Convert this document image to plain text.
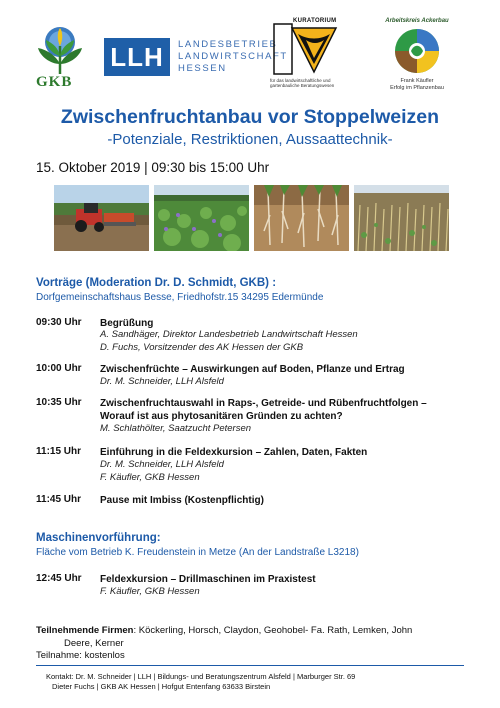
GKB
LLH	LANDESBETRIEB
LANDWIRTSCHAFT
HESSEN
KURATORIUM
für das landwirtschaftliche und gartenbauliche Beratungswesen
Arbeitskreis Ackerbau
Frank Käufler
Erfolg im Pflanzenbau
Zwischenfruchtanbau vor Stoppelweizen
-Potenziale, Restriktionen, Aussaattechnik-
15. Oktober 2019 | 09:30 bis 15:00 Uhr
Vorträge (Moderation Dr. D. Schmidt, GKB) :
Dorfgemeinschaftshaus Besse, Friedhofstr.15 34295 Edermünde
09:30 Uhr Begrüßung
A. Sandhäger, Direktor Landesbetrieb Landwirtschaft Hessen
D. Fuchs, Vorsitzender des AK Hessen der GKB
10:00 Uhr Zwischenfrüchte – Auswirkungen auf Boden, Pflanze und Ertrag
Dr. M. Schneider, LLH Alsfeld
10:35 Uhr Zwischenfruchtauswahl in Raps-, Getreide- und Rübenfruchtfolgen –
Worauf ist aus phytosanitären Gründen zu achten?
M. Schlathölter, Saatzucht Petersen
11:15 Uhr Einführung in die Feldexkursion – Zahlen, Daten, Fakten
Dr. M. Schneider, LLH Alsfeld
F. Käufler, GKB Hessen
11:45 Uhr Pause mit Imbiss (Kostenpflichtig)
Maschinenvorführung:
Fläche vom Betrieb K. Freudenstein in Metze (An der Landstraße L3218)
12:45 Uhr Feldexkursion – Drillmaschinen im Praxistest
F. Käufler, GKB Hessen
Teilnehmende Firmen: Köckerling, Horsch, Claydon, Geohobel- Fa. Rath, Lemken, John
Deere, Kerner
Teilnahme: kostenlos
Kontakt: Dr. M. Schneider | LLH | Bildungs- und Beratungszentrum Alsfeld | Marburger Str. 69
Dieter Fuchs | GKB AK Hessen | Hofgut Entenfang 63633 Birstein
